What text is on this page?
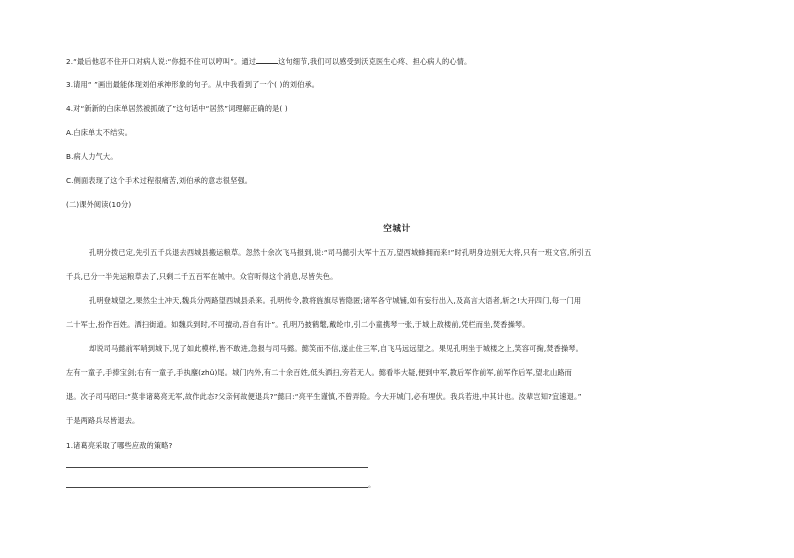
2.“最后他忍不住开口对病人说:“你挺不住可以哼叫”。通过	这句细节,我们可以感受到沃克医生心疼、担心病人的心情。
3.请用“ ”画出最能体现刘伯承神形象的句子。从中我看到了一个( )的刘伯承。
4.对“新新的白床单居然被抓破了”这句话中“居然”词理解正确的是( )
A.白床单太不结实。
B.病人力气大。
C.侧面表现了这个手术过程很痛苦,刘伯承的意志很坚强。
(二)课外阅读(10分)
空城计
孔明分拨已定,先引五千兵退去西城县搬运粮草。忽然十余次飞马报到,说:“司马懿引大军十五万,望西城蜂拥而来!”时孔明身边别无大将,只有一班文官,所引五
千兵,已分一半先运粮草去了,只剩二千五百军在城中。众官听得这个消息,尽皆失色。
孔明登城望之,果然尘土冲天,魏兵分两路望西城县杀来。孔明传令,教将旌旗尽皆隐匿;诸军各守城铺,如有妄行出入,及高言大语者,斩之!大开四门,每一门用
二十军士,扮作百姓。洒扫街道。如魏兵到时,不可擅动,吾自有计”。孔明乃披鹤氅,戴纶巾,引二小童携琴一张,于城上敌楼前,凭栏而坐,焚香操琴。
却说司马懿前军哨到城下,见了如此模样,皆不敢进,急报与司马懿。懿笑而不信,遂止住三军,自飞马远远望之。果见孔明坐于城楼之上,笑容可掬,焚香操琴。
左有一童子,手捧宝剑;右有一童子,手执麈(zhǔ)尾。城门内外,有二十余百姓,低头洒扫,旁若无人。懿看毕大疑,便到中军,教后军作前军,前军作后军,望北山路而
退。次子司马昭曰:“莫非诸葛亮无军,故作此态?父亲何故便退兵?”懿曰:“亮平生谨慎,不曾弄险。今大开城门,必有埋伏。我兵若进,中其计也。汝辈岂知?宜速退。”
于是两路兵尽皆退去。
1.诸葛亮采取了哪些应敌的策略?
。
